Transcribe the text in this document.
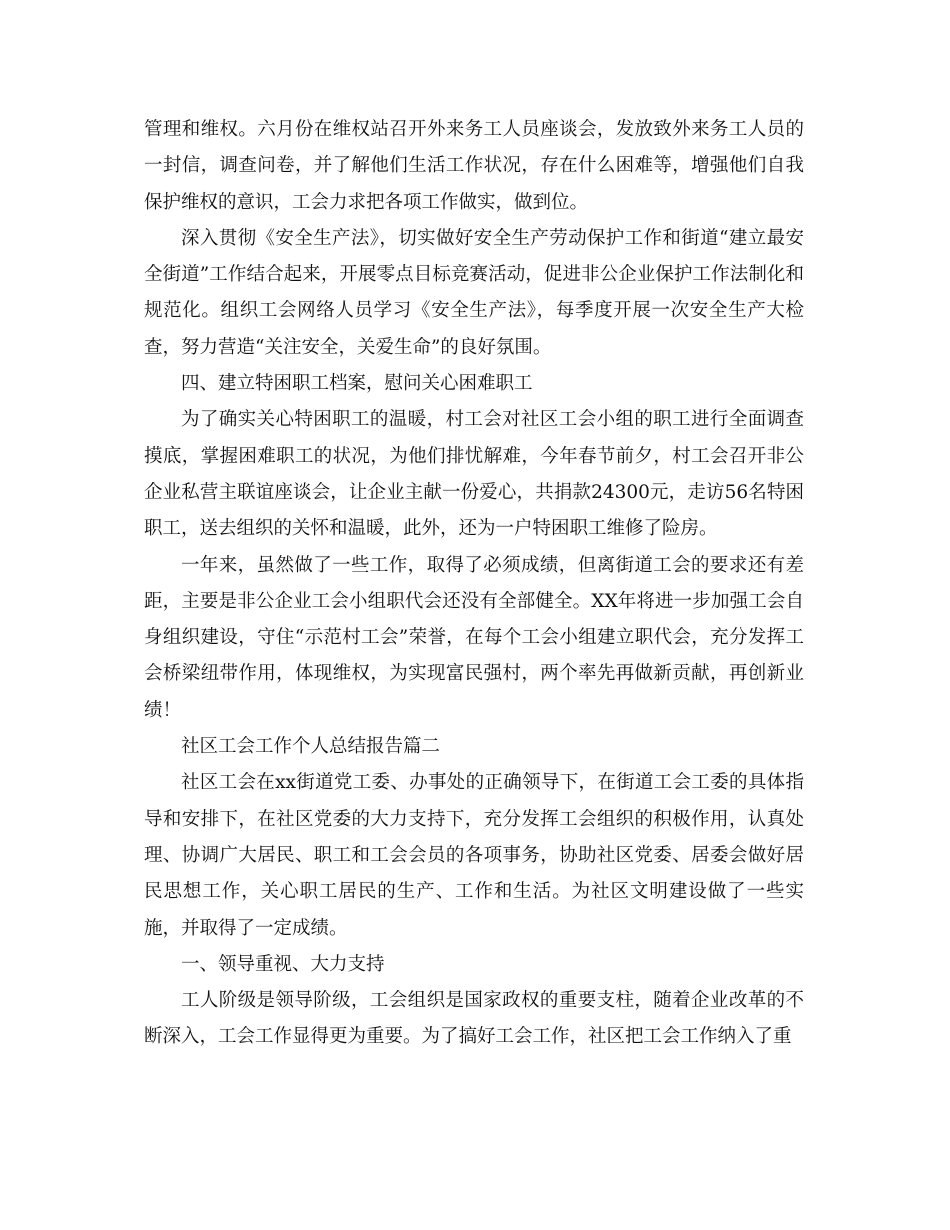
管理和维权。六月份在维权站召开外来务工人员座谈会，发放致外来务工人员的一封信，调查问卷，并了解他们生活工作状况，存在什么困难等，增强他们自我保护维权的意识，工会力求把各项工作做实，做到位。

深入贯彻《安全生产法》，切实做好安全生产劳动保护工作和街道“建立最安全街道”工作结合起来，开展零点目标竞赛活动，促进非公企业保护工作法制化和规范化。组织工会网络人员学习《安全生产法》，每季度开展一次安全生产大检查，努力营造“关注安全，关爱生命”的良好氛围。

四、建立特困职工档案，慰问关心困难职工

为了确实关心特困职工的温暖，村工会对社区工会小组的职工进行全面调查摸底，掌握困难职工的状况，为他们排忧解难，今年春节前夕，村工会召开非公企业私营主联谊座谈会，让企业主献一份爱心，共捐款24300元，走访56名特困职工，送去组织的关怀和温暖，此外，还为一户特困职工维修了险房。

一年来，虽然做了一些工作，取得了必须成绩，但离街道工会的要求还有差距，主要是非公企业工会小组职代会还没有全部健全。XX年将进一步加强工会自身组织建设，守住“示范村工会”荣誉，在每个工会小组建立职代会，充分发挥工会桥梁纽带作用，体现维权，为实现富民强村，两个率先再做新贡献，再创新业绩！

社区工会工作个人总结报告篇二

社区工会在xx街道党工委、办事处的正确领导下，在街道工会工委的具体指导和安排下，在社区党委的大力支持下，充分发挥工会组织的积极作用，认真处理、协调广大居民、职工和工会会员的各项事务，协助社区党委、居委会做好居民思想工作，关心职工居民的生产、工作和生活。为社区文明建设做了一些实施，并取得了一定成绩。

一、领导重视、大力支持

工人阶级是领导阶级，工会组织是国家政权的重要支柱，随着企业改革的不断深入，工会工作显得更为重要。为了搞好工会工作，社区把工会工作纳入了重
